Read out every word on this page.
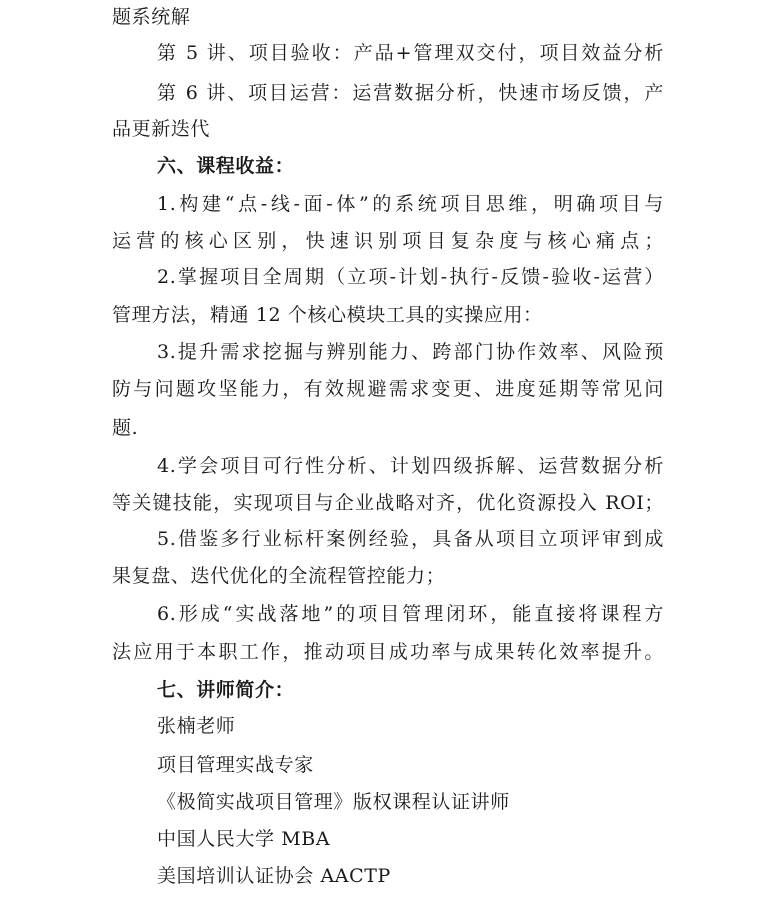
题系统解
第 5 讲、项目验收：产品+管理双交付，项目效益分析
第 6 讲、项目运营：运营数据分析，快速市场反馈，产
品更新迭代
六、课程收益：
1.构建“点-线-面-体”的系统项目思维，明确项目与
运营的核心区别，快速识别项目复杂度与核心痛点；
2.掌握项目全周期（立项-计划-执行-反馈-验收-运营）
管理方法，精通 12 个核心模块工具的实操应用：
3.提升需求挖掘与辨别能力、跨部门协作效率、风险预
防与问题攻坚能力，有效规避需求变更、进度延期等常见问
题.
4.学会项目可行性分析、计划四级拆解、运营数据分析
等关键技能，实现项目与企业战略对齐，优化资源投入 ROI；
5.借鉴多行业标杆案例经验，具备从项目立项评审到成
果复盘、迭代优化的全流程管控能力；
6.形成“实战落地”的项目管理闭环，能直接将课程方
法应用于本职工作，推动项目成功率与成果转化效率提升。
七、讲师简介：
张楠老师
项目管理实战专家
《极简实战项目管理》版权课程认证讲师
中国人民大学 MBA
美国培训认证协会 AACTP
